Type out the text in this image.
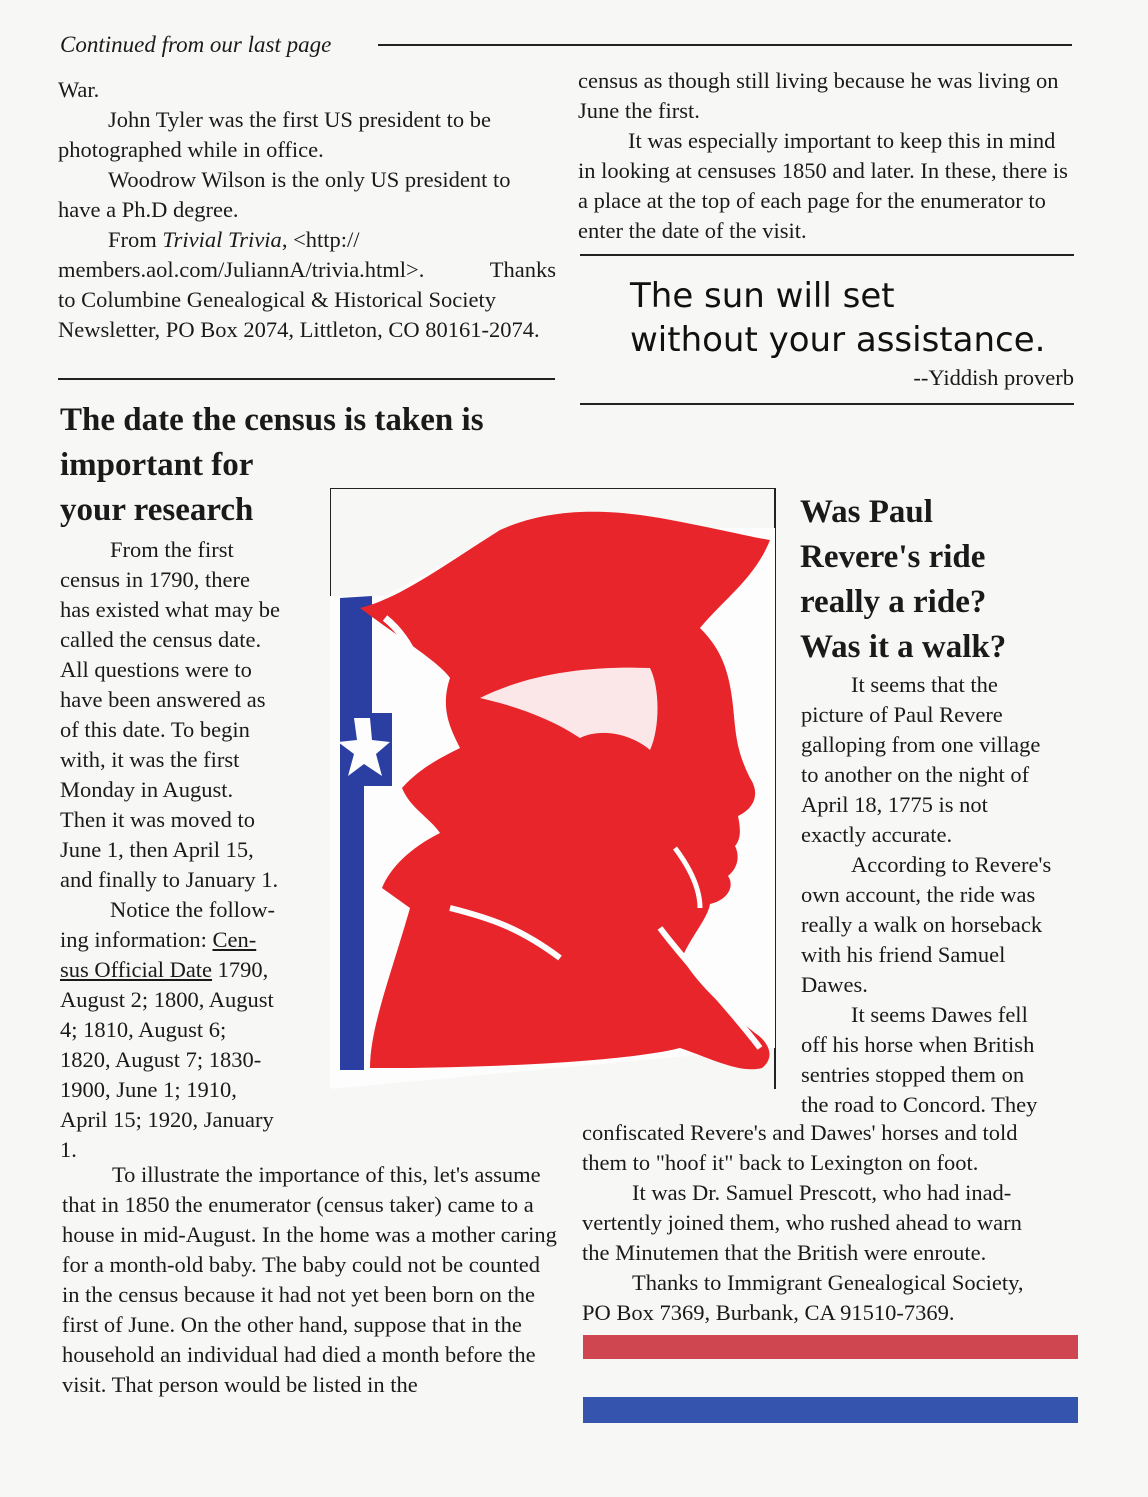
Continued from our last page

War.

John Tyler was the first US president to be photographed while in office.

Woodrow Wilson is the only US president to have a Ph.D degree.

From Trivial Trivia, <http://

members.aol.com/JuliannA/trivia.html>.	Thanks

to Columbine Genealogical & Historical Society Newsletter, PO Box 2074, Littleton, CO 80161-2074.

census as though still living because he was living on June the first.

It was especially important to keep this in mind in looking at censuses 1850 and later. In these, there is a place at the top of each page for the enumerator to enter the date of the visit.

The sun will set

without your assistance.

--Yiddish proverb

The date the census is taken is

important for

your research

From the first
census in 1790, there
has existed what may be
called the census date.
All questions were to
have been answered as
of this date. To begin
with, it was the first
Monday in August.
Then it was moved to
June 1, then April 15,
and finally to January 1.
Notice the follow-
ing information: Cen-
sus Official Date 1790,
August 2; 1800, August
4; 1810, August 6;
1820, August 7; 1830-
1900, June 1; 1910,
April 15; 1920, January
1.

To illustrate the importance of this, let's assume that in 1850 the enumerator (census taker) came to a house in mid-August. In the home was a mother caring for a month-old baby. The baby could not be counted in the census because it had not yet been born on the first of June. On the other hand, suppose that in the household an individual had died a month before the visit. That person would be listed in the

Was Paul

Revere's ride

really a ride?

Was it a walk?

It seems that the
picture of Paul Revere
galloping from one village
to another on the night of
April 18, 1775 is not
exactly accurate.
According to Revere's
own account, the ride was
really a walk on horseback
with his friend Samuel
Dawes.
It seems Dawes fell
off his horse when British
sentries stopped them on
the road to Concord. They
confiscated Revere's and Dawes' horses and told
them to "hoof it" back to Lexington on foot.
It was Dr. Samuel Prescott, who had inad-
vertently joined them, who rushed ahead to warn
the Minutemen that the British were enroute.
Thanks to Immigrant Genealogical Society,
PO Box 7369, Burbank, CA 91510-7369.
